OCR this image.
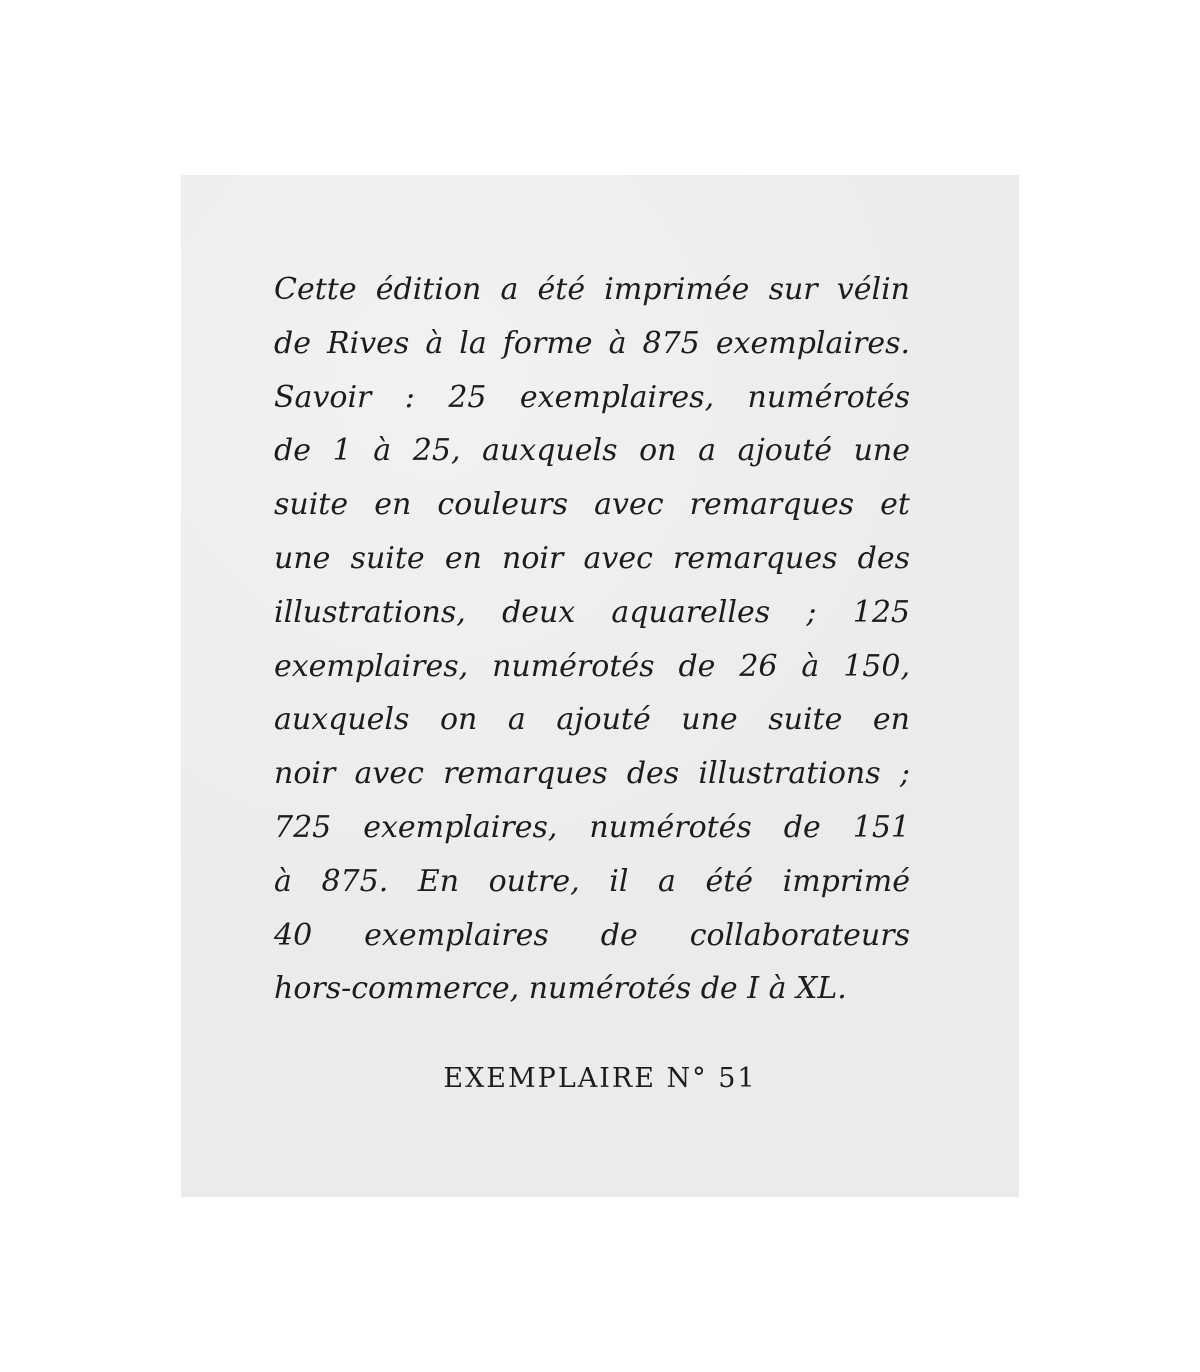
Cette édition a été imprimée sur vélin
de Rives à la forme à 875 exemplaires.
Savoir : 25 exemplaires, numérotés
de 1 à 25, auxquels on a ajouté une
suite en couleurs avec remarques et
une suite en noir avec remarques des
illustrations, deux aquarelles ; 125
exemplaires, numérotés de 26 à 150,
auxquels on a ajouté une suite en
noir avec remarques des illustrations ;
725 exemplaires, numérotés de 151
à 875. En outre, il a été imprimé
40 exemplaires de collaborateurs
hors-commerce, numérotés de I à XL.

EXEMPLAIRE N° 51
